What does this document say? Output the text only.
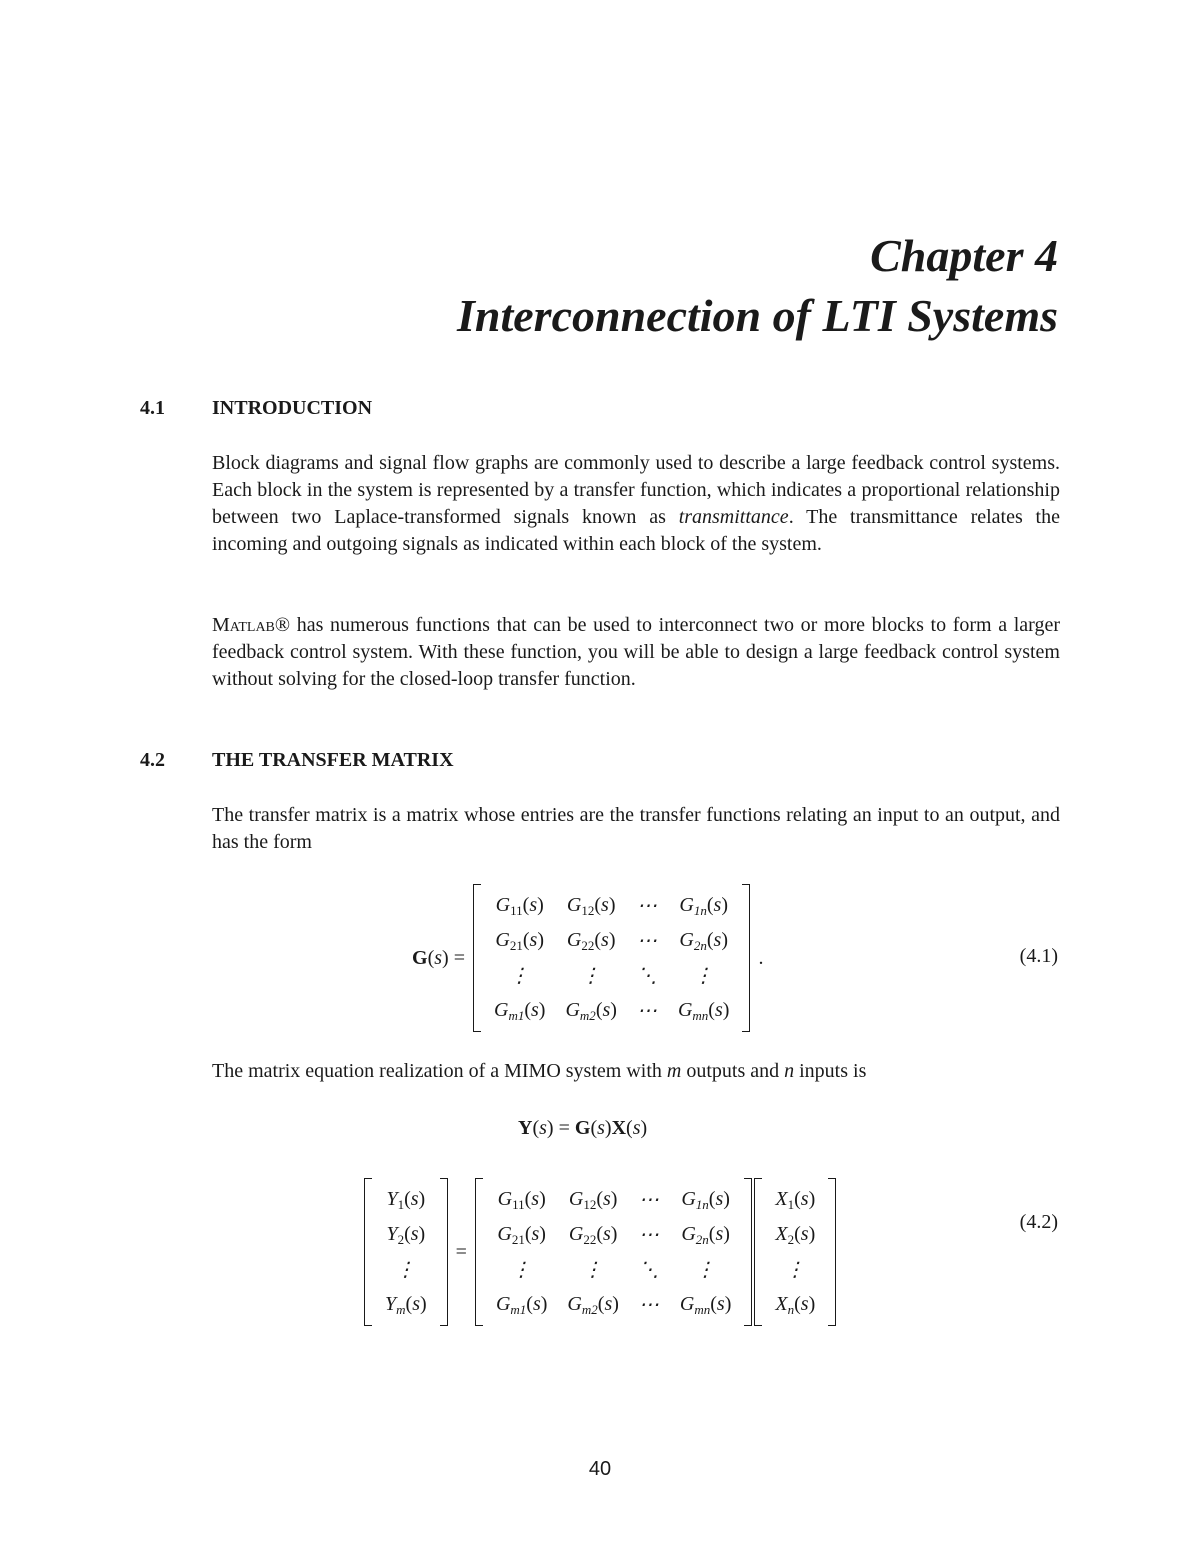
Chapter 4
Interconnection of LTI Systems
4.1 INTRODUCTION
Block diagrams and signal flow graphs are commonly used to describe a large feedback control systems. Each block in the system is represented by a transfer function, which indicates a proportional relationship between two Laplace-transformed signals known as transmittance. The transmittance relates the incoming and outgoing signals as indicated within each block of the system.
Matlab® has numerous functions that can be used to interconnect two or more blocks to form a larger feedback control system. With these function, you will be able to design a large feedback control system without solving for the closed-loop transfer function.
4.2 THE TRANSFER MATRIX
The transfer matrix is a matrix whose entries are the transfer functions relating an input to an output, and has the form
G(s) =
$G_{11}(s)$	$G_{12}(s)$	⋯	$G_{1n}(s)$
$G_{21}(s)$	$G_{22}(s)$	⋯	$G_{2n}(s)$
⋮	⋮	⋱	⋮
$G_{m1}(s)$	$G_{m2}(s)$	⋯	$G_{mn}(s)$
.	(4.1)
The matrix equation realization of a MIMO system with m outputs and n inputs is
Y(s) = G(s)X(s)
$Y_1(s)$
$Y_2(s)$
⋮
$Y_m(s)$
=
$G_{11}(s)$	$G_{12}(s)$	⋯	$G_{1n}(s)$
$G_{21}(s)$	$G_{22}(s)$	⋯	$G_{2n}(s)$
⋮	⋮	⋱	⋮
$G_{m1}(s)$	$G_{m2}(s)$	⋯	$G_{mn}(s)$
$X_1(s)$
$X_2(s)$
⋮
$X_n(s)$
(4.2)
40
